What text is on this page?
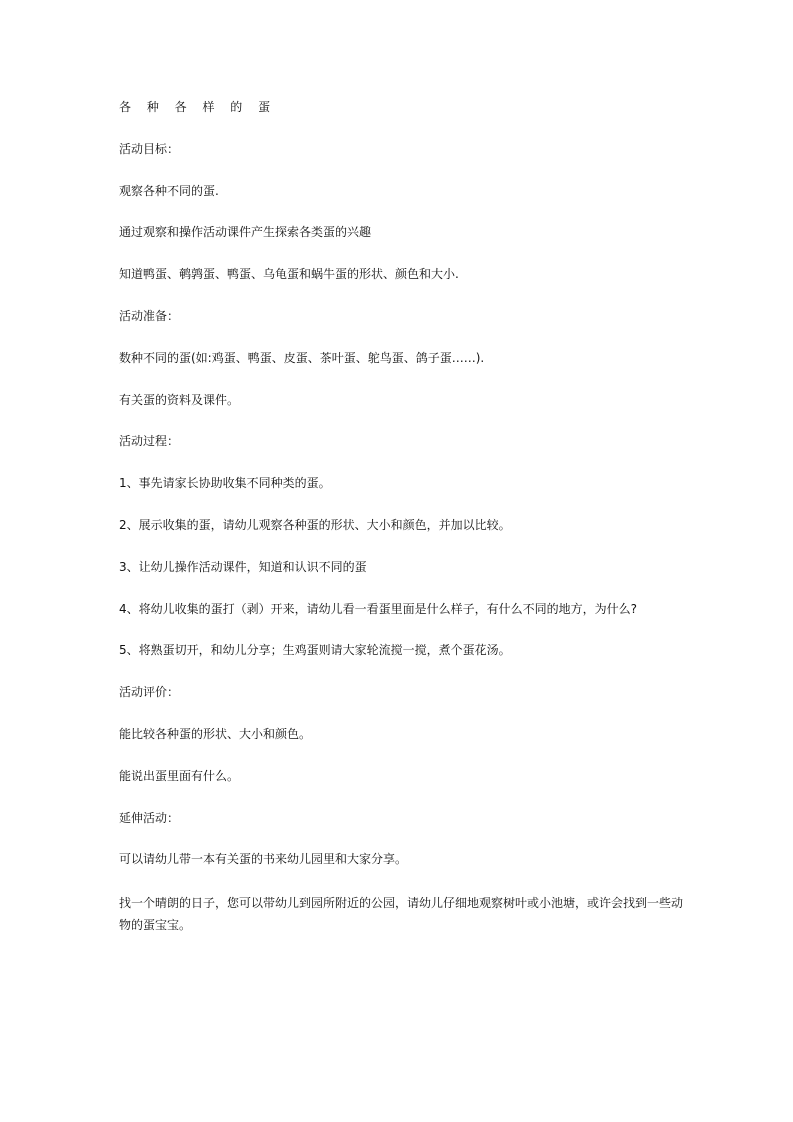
各 种 各 样 的 蛋
活动目标：
观察各种不同的蛋.
通过观察和操作活动课件产生探索各类蛋的兴趣
知道鸭蛋、鹌鹑蛋、鸭蛋、乌龟蛋和蜗牛蛋的形状、颜色和大小.
活动准备：
数种不同的蛋(如:鸡蛋、鸭蛋、皮蛋、茶叶蛋、鸵鸟蛋、鸽子蛋……).
有关蛋的资料及课件。
活动过程：
1、事先请家长协助收集不同种类的蛋。
2、展示收集的蛋，请幼儿观察各种蛋的形状、大小和颜色，并加以比较。
3、让幼儿操作活动课件，知道和认识不同的蛋
4、将幼儿收集的蛋打（剥）开来，请幼儿看一看蛋里面是什么样子，有什么不同的地方，为什么?
5、将熟蛋切开，和幼儿分享；生鸡蛋则请大家轮流搅一搅，煮个蛋花汤。
活动评价：
能比较各种蛋的形状、大小和颜色。
能说出蛋里面有什么。
延伸活动：
可以请幼儿带一本有关蛋的书来幼儿园里和大家分享。
找一个晴朗的日子，您可以带幼儿到园所附近的公园，请幼儿仔细地观察树叶或小池塘，或许会找到一些动物的蛋宝宝。
